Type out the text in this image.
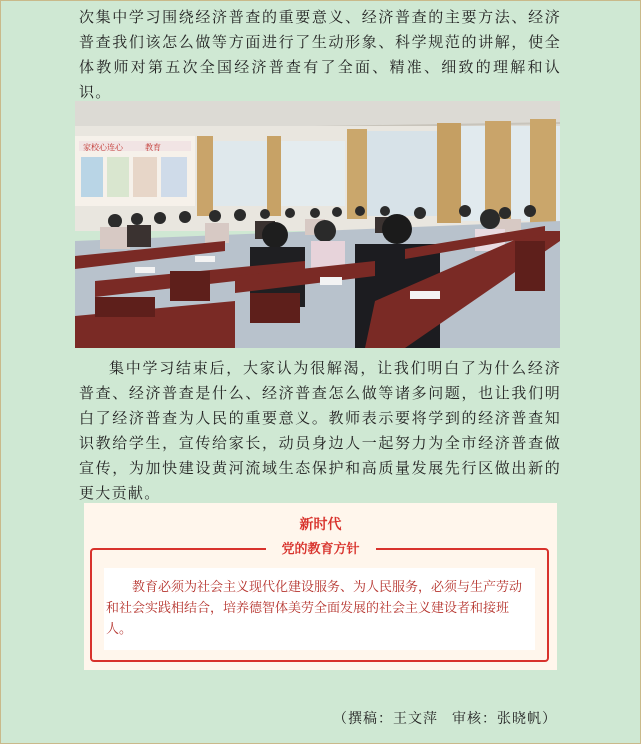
次集中学习围绕经济普查的重要意义、经济普查的主要方法、经济普查我们该怎么做等方面进行了生动形象、科学规范的讲解，使全体教师对第五次全国经济普查有了全面、精准、细致的理解和认识。

家校心连心	教育

集中学习结束后，大家认为很解渴，让我们明白了为什么经济普查、经济普查是什么、经济普查怎么做等诸多问题，也让我们明白了经济普查为人民的重要意义。教师表示要将学到的经济普查知识教给学生，宣传给家长，动员身边人一起努力为全市经济普查做宣传，为加快建设黄河流域生态保护和高质量发展先行区做出新的更大贡献。

新时代
党的教育方针

教育必须为社会主义现代化建设服务、为人民服务，必须与生产劳动和社会实践相结合，培养德智体美劳全面发展的社会主义建设者和接班人。

（撰稿：王文萍 审核：张晓帆）
